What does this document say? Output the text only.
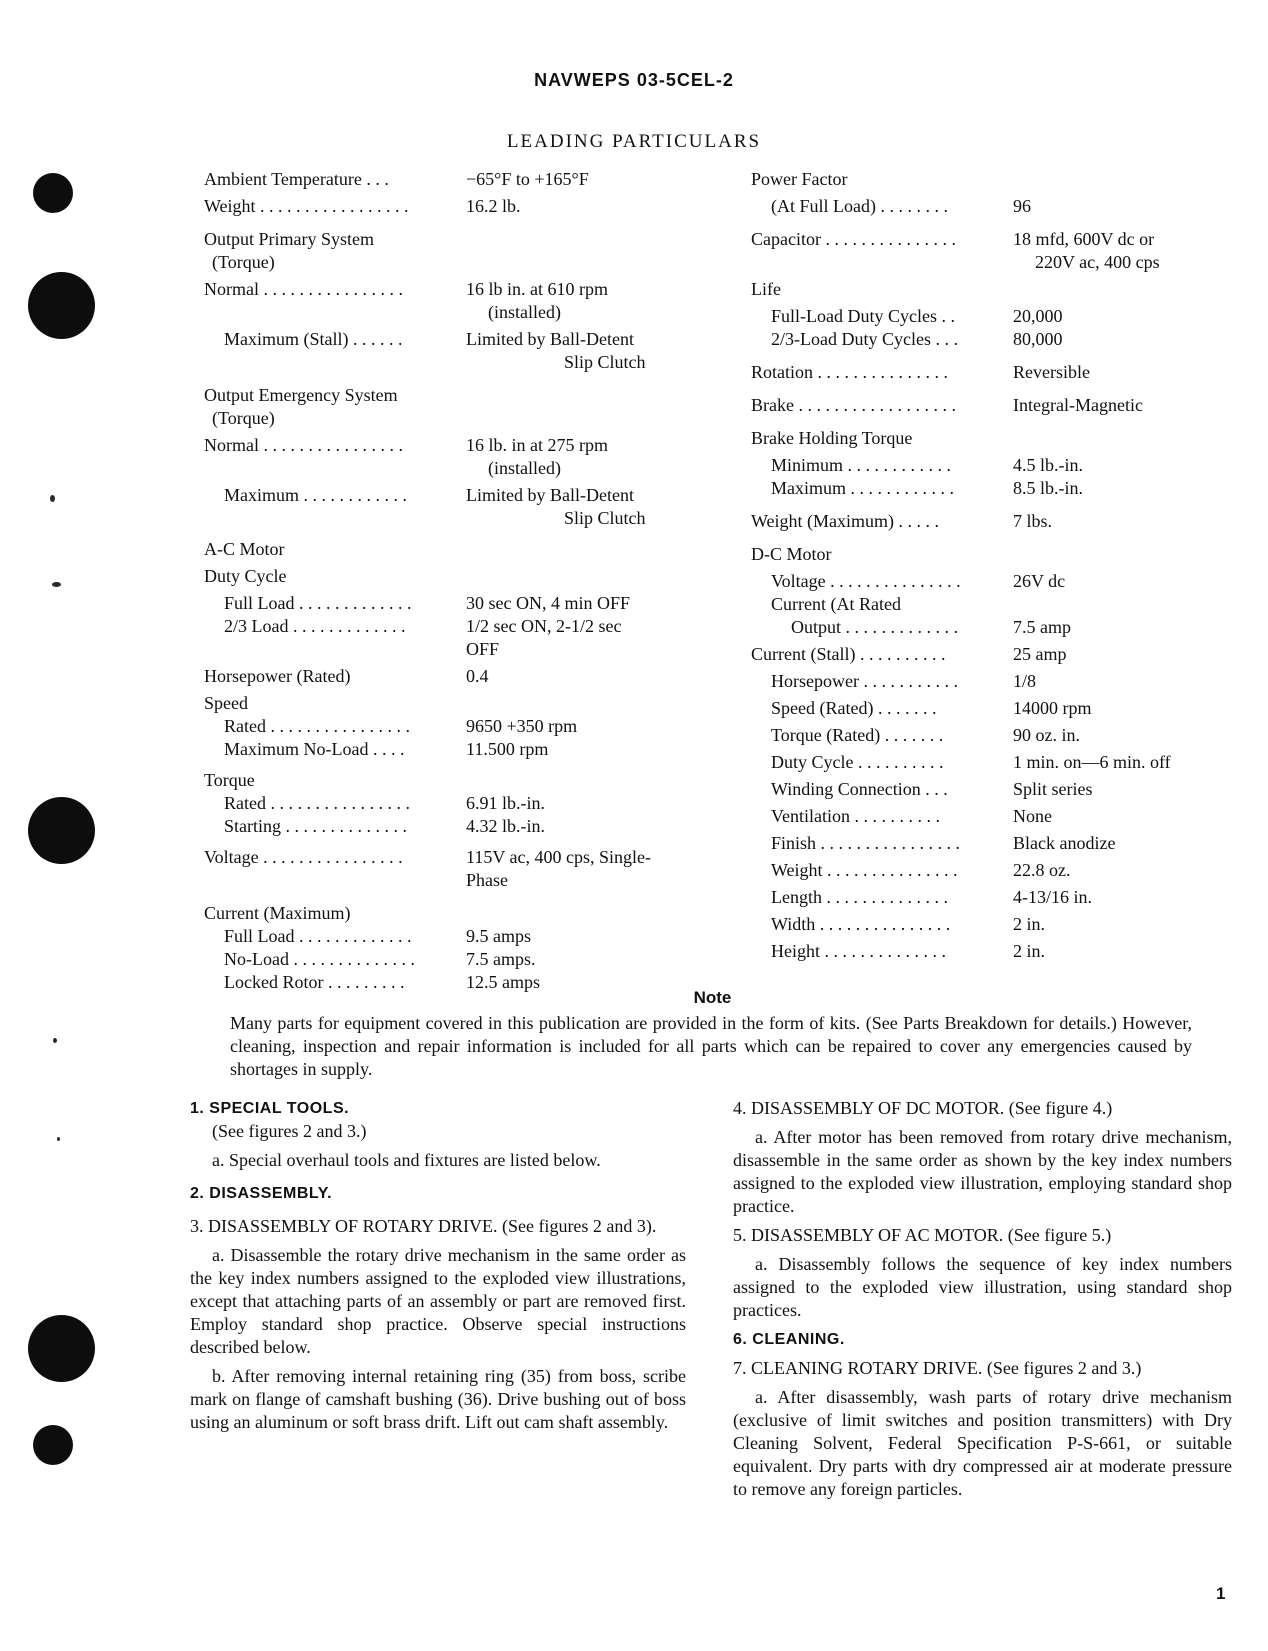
NAVWEPS 03-5CEL-2
LEADING PARTICULARS
Ambient Temperature . . .	−65°F to +165°F
Weight . . . . . . . . . . . . . . . . .	16.2 lb.
Output Primary System
(Torque)
Normal . . . . . . . . . . . . . . . .	16 lb in. at 610 rpm
(installed)
Maximum (Stall) . . . . . .	Limited by Ball-Detent
Slip Clutch
Output Emergency System
(Torque)
Normal . . . . . . . . . . . . . . . .	16 lb. in at 275 rpm
(installed)
Maximum . . . . . . . . . . . .	Limited by Ball-Detent
Slip Clutch
A-C Motor
Duty Cycle
Full Load . . . . . . . . . . . . .	30 sec ON, 4 min OFF
2/3 Load . . . . . . . . . . . . .	1/2 sec ON, 2-1/2 sec
OFF
Horsepower (Rated)	0.4
Speed
Rated . . . . . . . . . . . . . . . .	9650 +350 rpm
Maximum No-Load . . . .	11.500 rpm
Torque
Rated . . . . . . . . . . . . . . . .	6.91 lb.-in.
Starting . . . . . . . . . . . . . .	4.32 lb.-in.
Voltage . . . . . . . . . . . . . . . .	115V ac, 400 cps, Single-
Phase
Current (Maximum)
Full Load . . . . . . . . . . . . .	9.5 amps
No-Load . . . . . . . . . . . . . .	7.5 amps.
Locked Rotor . . . . . . . . .	12.5 amps
Power Factor
(At Full Load) . . . . . . . .	96
Capacitor . . . . . . . . . . . . . . .	18 mfd, 600V dc or
220V ac, 400 cps
Life
Full-Load Duty Cycles . .	20,000
2/3-Load Duty Cycles . . .	80,000
Rotation . . . . . . . . . . . . . . .	Reversible
Brake . . . . . . . . . . . . . . . . . .	Integral-Magnetic
Brake Holding Torque
Minimum . . . . . . . . . . . .	4.5 lb.-in.
Maximum . . . . . . . . . . . .	8.5 lb.-in.
Weight (Maximum) . . . . .	7 lbs.
D-C Motor
Voltage . . . . . . . . . . . . . . .	26V dc
Current (At Rated
Output . . . . . . . . . . . . .	7.5 amp
Current (Stall) . . . . . . . . . .	25 amp
Horsepower . . . . . . . . . . .	1/8
Speed (Rated) . . . . . . .	14000 rpm
Torque (Rated) . . . . . . .	90 oz. in.
Duty Cycle . . . . . . . . . .	1 min. on—6 min. off
Winding Connection . . .	Split series
Ventilation . . . . . . . . . .	None
Finish . . . . . . . . . . . . . . . .	Black anodize
Weight . . . . . . . . . . . . . . .	22.8 oz.
Length . . . . . . . . . . . . . .	4-13/16 in.
Width . . . . . . . . . . . . . . .	2 in.
Height . . . . . . . . . . . . . .	2 in.
Note
Many parts for equipment covered in this publication are provided in the form of kits. (See Parts Breakdown for details.) However, cleaning, inspection and repair information is included for all parts which can be repaired to cover any emergencies caused by shortages in supply.

1. SPECIAL TOOLS.

(See figures 2 and 3.)

a. Special overhaul tools and fixtures are listed below.

2. DISASSEMBLY.

3. DISASSEMBLY OF ROTARY DRIVE. (See figures 2 and 3).

a. Disassemble the rotary drive mechanism in the same order as the key index numbers assigned to the exploded view illustrations, except that attaching parts of an assembly or part are removed first. Employ standard shop practice. Observe special instructions described below.

b. After removing internal retaining ring (35) from boss, scribe mark on flange of camshaft bushing (36). Drive bushing out of boss using an aluminum or soft brass drift. Lift out cam shaft assembly.

4. DISASSEMBLY OF DC MOTOR. (See figure 4.)

a. After motor has been removed from rotary drive mechanism, disassemble in the same order as shown by the key index numbers assigned to the exploded view illustration, employing standard shop practice.

5. DISASSEMBLY OF AC MOTOR. (See figure 5.)

a. Disassembly follows the sequence of key index numbers assigned to the exploded view illustration, using standard shop practices.

6. CLEANING.

7. CLEANING ROTARY DRIVE. (See figures 2 and 3.)

a. After disassembly, wash parts of rotary drive mechanism (exclusive of limit switches and position transmitters) with Dry Cleaning Solvent, Federal Specification P-S-661, or suitable equivalent. Dry parts with dry compressed air at moderate pressure to remove any foreign particles.

1
